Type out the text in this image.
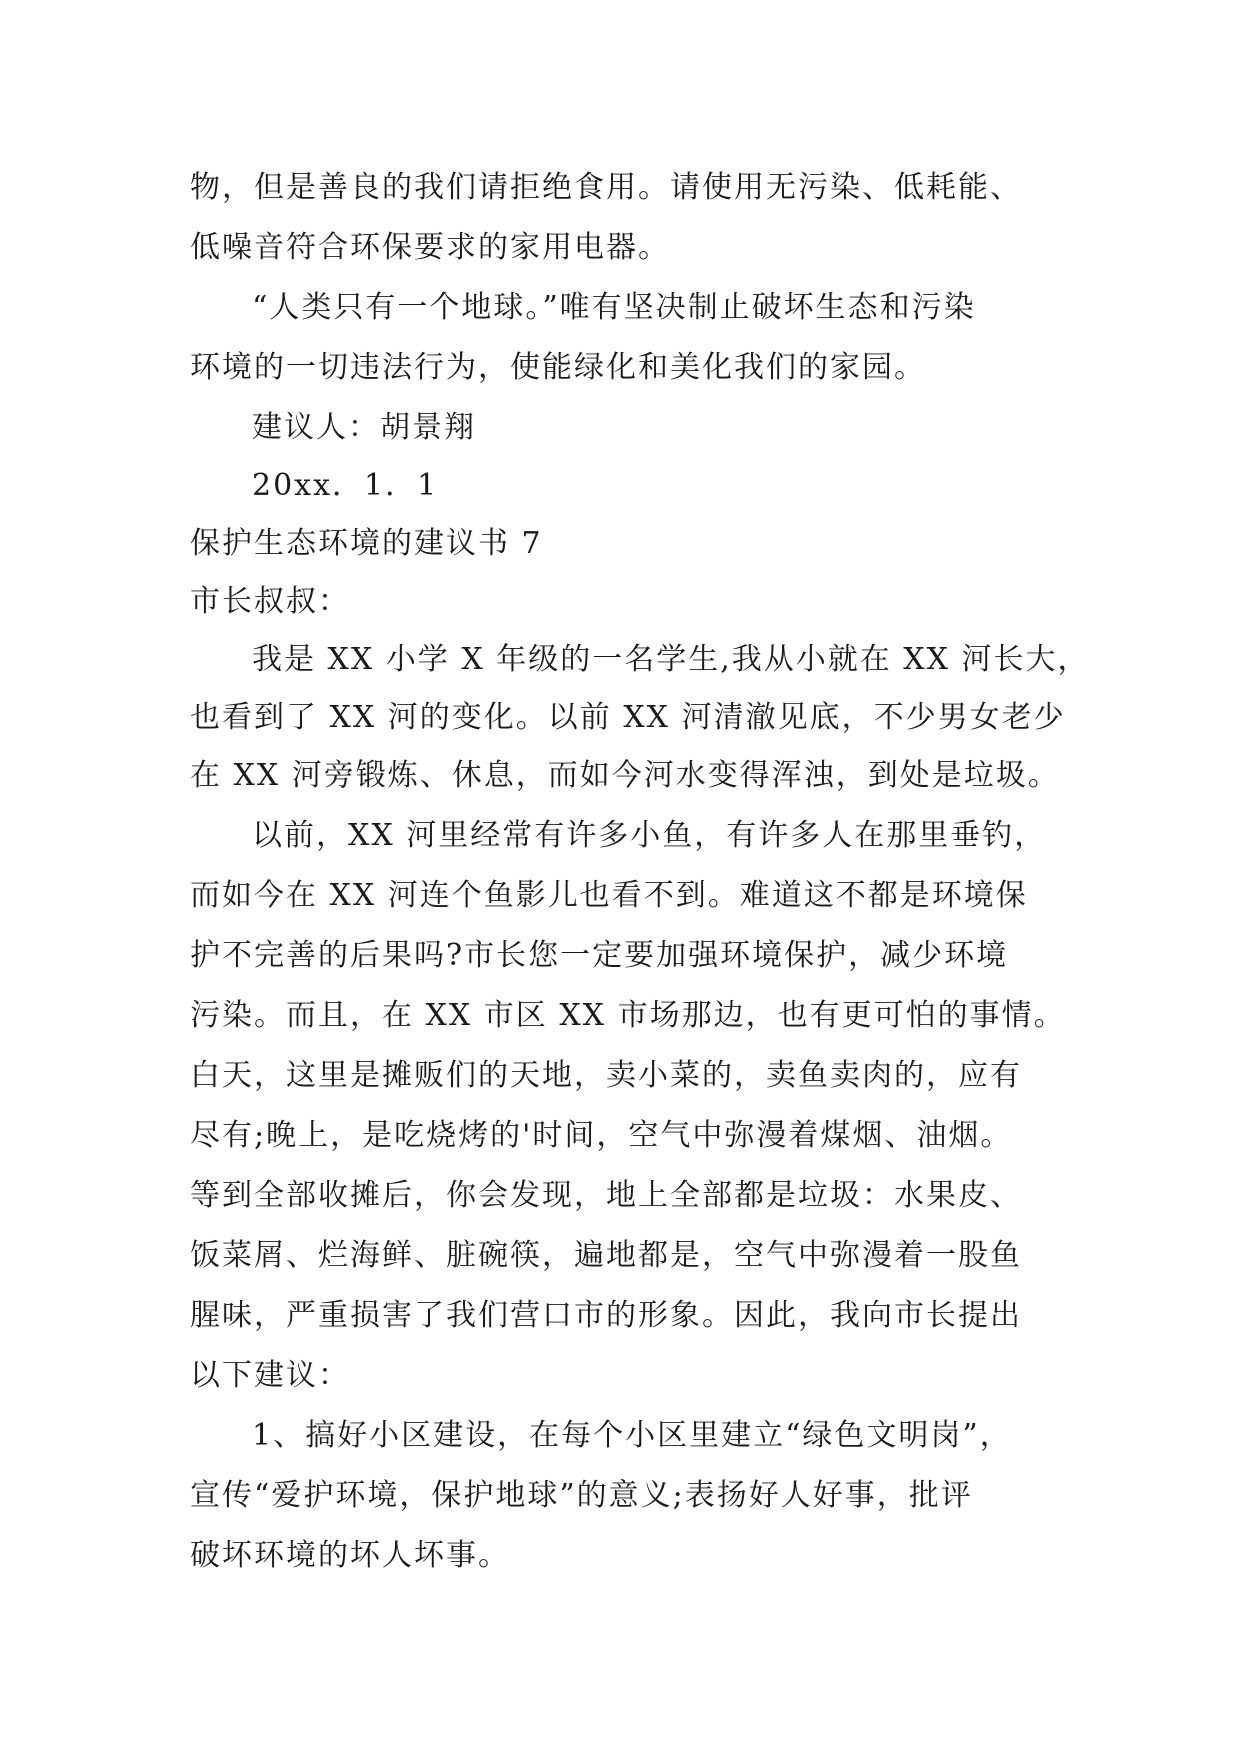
物，但是善良的我们请拒绝食用。请使用无污染、低耗能、
低噪音符合环保要求的家用电器。
“人类只有一个地球。”唯有坚决制止破坏生态和污染
环境的一切违法行为，使能绿化和美化我们的家园。
建议人：胡景翔
20xx．1．1
保护生态环境的建议书 7
市长叔叔：
我是 XX 小学 X 年级的一名学生,我从小就在 XX 河长大，
也看到了 XX 河的变化。以前 XX 河清澈见底，不少男女老少
在 XX 河旁锻炼、休息，而如今河水变得浑浊，到处是垃圾。
以前，XX 河里经常有许多小鱼，有许多人在那里垂钓，
而如今在 XX 河连个鱼影儿也看不到。难道这不都是环境保
护不完善的后果吗?市长您一定要加强环境保护，减少环境
污染。而且，在 XX 市区 XX 市场那边，也有更可怕的事情。
白天，这里是摊贩们的天地，卖小菜的，卖鱼卖肉的，应有
尽有;晚上，是吃烧烤的'时间，空气中弥漫着煤烟、油烟。
等到全部收摊后，你会发现，地上全部都是垃圾：水果皮、
饭菜屑、烂海鲜、脏碗筷，遍地都是，空气中弥漫着一股鱼
腥味，严重损害了我们营口市的形象。因此，我向市长提出
以下建议：
1、搞好小区建设，在每个小区里建立“绿色文明岗”，
宣传“爱护环境，保护地球”的意义;表扬好人好事，批评
破坏环境的坏人坏事。
